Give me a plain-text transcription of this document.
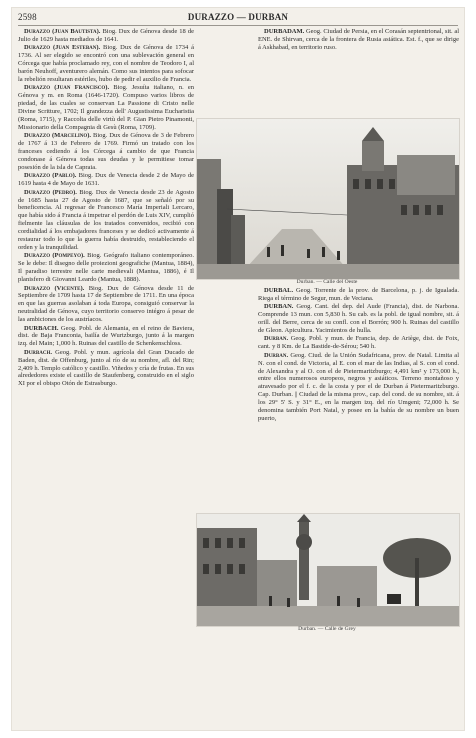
2598	DURAZZO — DURBAN

Durazzo (Juan Bautista). Biog. Dux de Génova desde 18 de Julio de 1629 hasta mediados de 1641.

Durazzo (Juan Esteban). Biog. Dux de Génova de 1734 á 1736. Al ser elegido se encontró con una sublevación general en Córcega que había proclamado rey, con el nombre de Teodoro I, al barón Neuhoff, aventurero alemán. Como sus intentos para sofocar la rebelión resultaran estériles, hubo de pedir el auxilio de Francia.

Durazzo (Juan Francisco). Biog. Jesuíta italiano, n. en Génova y m. en Roma (1646-1720). Compuso varios libros de piedad, de las cuales se conservan La Passione di Cristo nelle Divine Scritture, 1702; Il grandezza dell' Augustissima Eucharistia (Roma, 1715), y Raccolta delle virtù del P. Gian Pietro Pinamonti, Missionario della Compagnia di Gesù (Roma, 1709).

Durazzo (Marcelino). Biog. Dux de Génova de 3 de Febrero de 1767 á 13 de Febrero de 1769. Firmó un tratado con los franceses cediendo á los Córcega á cambio de que Francia condonase á Génova todas sus deudas y le permitiese tomar posesión de la isla de Capraia.

Durazzo (Pablo). Biog. Dux de Venecia desde 2 de Mayo de 1619 hasta 4 de Mayo de 1631.

Durazzo (Pedro). Biog. Dux de Venecia desde 23 de Agosto de 1685 hasta 27 de Agosto de 1687, que se señaló por su beneficencia. Al regresar de Francesco María Imperiali Lercaro, que había sido á Francia á impetrar el perdón de Luis XIV, cumplió fielmente las cláusulas de los tratados convenidos, recibió con cordialidad á los embajadores franceses y se dedicó activamente á restaurar todo lo que la guerra había destruido, restableciendo el orden y la tranquilidad.

Durazzo (Pompeyo). Biog. Geógrafo italiano contemporáneo. Se le debe: Il disegno delle proiezioni geografiche (Mantua, 1884), Il paradiso terrestre nelle carte medievali (Mantua, 1886), é Il planisfero di Giovanni Leardo (Mantua, 1888).

Durazzo (Vicente). Biog. Dux de Génova desde 11 de Septiembre de 1709 hasta 17 de Septiembre de 1711. En una época en que las guerras asolaban á toda Europa, consiguió conservar la neutralidad de Génova, cuyo territorio conservo intégro á pesar de las ambiciones de los austríacos.

DURBACH. Geog. Pobl. de Alemania, en el reino de Baviera, dist. de Baja Franconia, bailía de Wurtzburgo, junto á la margen izq. del Main; 1,000 h. Ruinas del castillo de Schenkenschloss.

Durbach. Geog. Pobl. y mun. agrícola del Gran Ducado de Baden, dist. de Offenburg, junto al río de su nombre, afl. del Rin; 2,409 h. Templo católico y castillo. Viñedos y cría de frutas. En sus alrededores existe el castillo de Staufenberg, construido en el siglo XI por el obispo Otón de Estrasburgo.

DURBADAM. Geog. Ciudad de Persia, en el Corasán septentrional, sit. al ENE. de Shirvan, cerca de la frontera de Rusia asiática. Est. f., que se dirige á Askhabad, en territorio ruso.

Durban. — Calle del Oeste

DURBAL. Geog. Torrente de la prov. de Barcelona, p. j. de Igualada. Riega el término de Segur, mun. de Veciana.

DURBAN. Geog. Cant. del dep. del Aude (Francia), dist. de Narbona. Comprende 13 mun. con 5,830 h. Su cab. es la pobl. de igual nombre, sit. á orill. del Berre, cerca de su confl. con el Borrón; 900 h. Ruinas del castillo de Gleon. Apicultura. Yacimientos de hulla.

Durban. Geog. Pobl. y mun. de Francia, dep. de Ariège, dist. de Foix, cant. y 8 Km. de La Bastide-de-Sérou; 540 h.

Durban. Geog. Ciud. de la Unión Sudafricana, prov. de Natal. Limita al N. con el cond. de Victoria, al E. con el mar de las Indias, al S. con el cond. de Alexandra y al O. con el de Pietermaritzburgo; 4,491 km² y 173,000 h., entre ellos numerosos europeos, negros y asiáticos. Terreno montañoso y atravesado por el f. c. de la costa y por el de Durban á Pietermaritzburgo. Cap. Durban. || Ciudad de la misma prov., cap. del cond. de su nombre, sit. á los 29° 5' S. y 31° E., en la margen izq. del río Umgeni; 72,000 h. Se denomina también Port Natal, y posee en la bahía de su nombre un buen puerto,

Durban. — Calle de Grey
